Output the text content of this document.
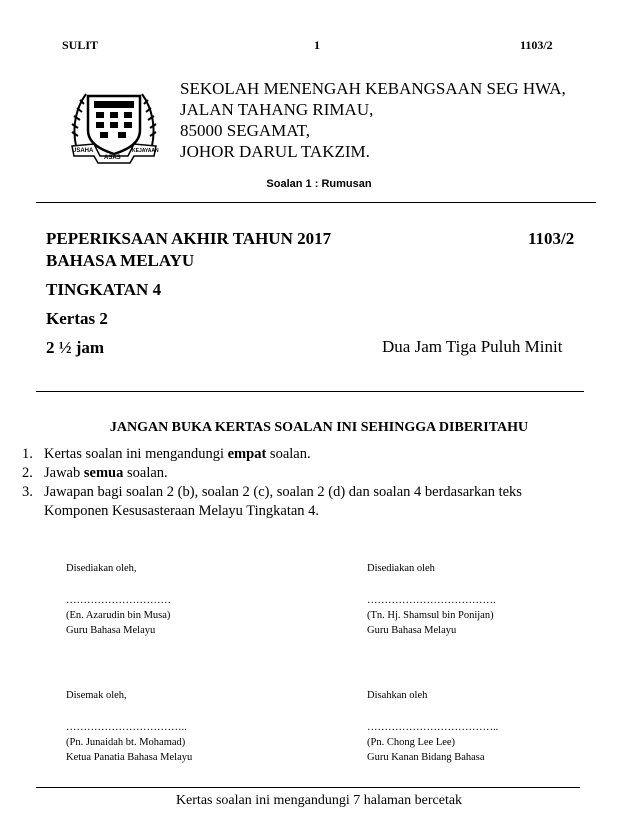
SULIT	1	1103/2
USAHA
ASAS
KEJAYAAN
SEKOLAH MENENGAH KEBANGSAAN SEG HWA,
JALAN TAHANG RIMAU,
85000 SEGAMAT,
JOHOR DARUL TAKZIM.
Soalan 1 : Rumusan
PEPERIKSAAN AKHIR TAHUN 2017	1103/2
BAHASA MELAYU
TINGKATAN 4
Kertas 2
2 ½ jam	Dua Jam Tiga Puluh Minit
JANGAN BUKA KERTAS SOALAN INI SEHINGGA DIBERITAHU
1. Kertas soalan ini mengandungi empat soalan.
2. Jawab semua soalan.
3. Jawapan bagi soalan 2 (b), soalan 2 (c), soalan 2 (d) dan soalan 4 berdasarkan teks Komponen Kesusasteraan Melayu Tingkatan 4.
Disediakan oleh,
…………………………
(En. Azarudin bin Musa)
Guru Bahasa Melayu
Disediakan oleh
……………………………….
(Tn. Hj. Shamsul bin Ponijan)
Guru Bahasa Melayu
Disemak oleh,
……………………………..
(Pn. Junaidah bt. Mohamad)
Ketua Panatia Bahasa Melayu
Disahkan oleh
………………………………..
(Pn. Chong Lee Lee)
Guru Kanan Bidang Bahasa
Kertas soalan ini mengandungi 7 halaman bercetak
